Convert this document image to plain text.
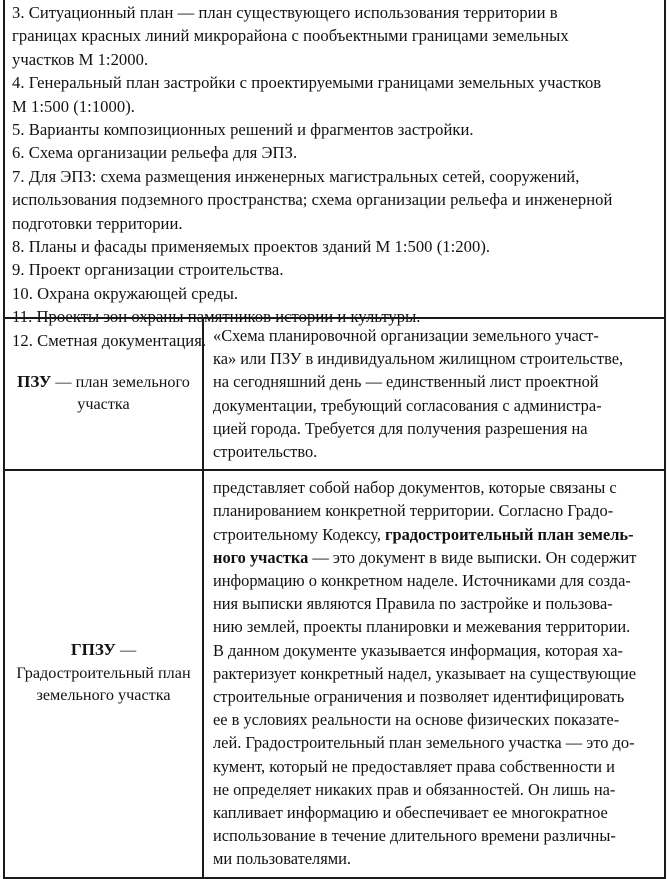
3. Ситуационный план — план существующего использования территории в
границах красных линий микрорайона с пообъектными границами земельных
участков М 1:2000.
4. Генеральный план застройки с проектируемыми границами земельных участков
М 1:500 (1:1000).
5. Варианты композиционных решений и фрагментов застройки.
6. Схема организации рельефа для ЭПЗ.
7. Для ЭПЗ: схема размещения инженерных магистральных сетей, сооружений,
использования подземного пространства; схема организации рельефа и инженерной
подготовки территории.
8. Планы и фасады применяемых проектов зданий М 1:500 (1:200).
9. Проект организации строительства.
10. Охрана окружающей среды.
11. Проекты зон охраны памятников истории и культуры.
12. Сметная документация.
ПЗУ — план земельного участка	
«Схема планировочной организации земельного участ-
ка» или ПЗУ в индивидуальном жилищном строительстве,
на сегодняшний день — единственный лист проектной
документации, требующий согласования с администра-
цией города. Требуется для получения разрешения на
строительство.

ГПЗУ — Градостроительный план земельного участка	
представляет собой набор документов, которые связаны с
планированием конкретной территории. Согласно Градо-
строительному Кодексу, градостроительный план земель-
ного участка — это документ в виде выписки. Он содержит
информацию о конкретном наделе. Источниками для созда-
ния выписки являются Правила по застройке и пользова-
нию землей, проекты планировки и межевания территории.
В данном документе указывается информация, которая ха-
рактеризует конкретный надел, указывает на существующие
строительные ограничения и позволяет идентифицировать
ее в условиях реальности на основе физических показате-
лей. Градостроительный план земельного участка — это до-
кумент, который не предоставляет права собственности и
не определяет никаких прав и обязанностей. Он лишь на-
капливает информацию и обеспечивает ее многократное
использование в течение длительного времени различны-
ми пользователями.
